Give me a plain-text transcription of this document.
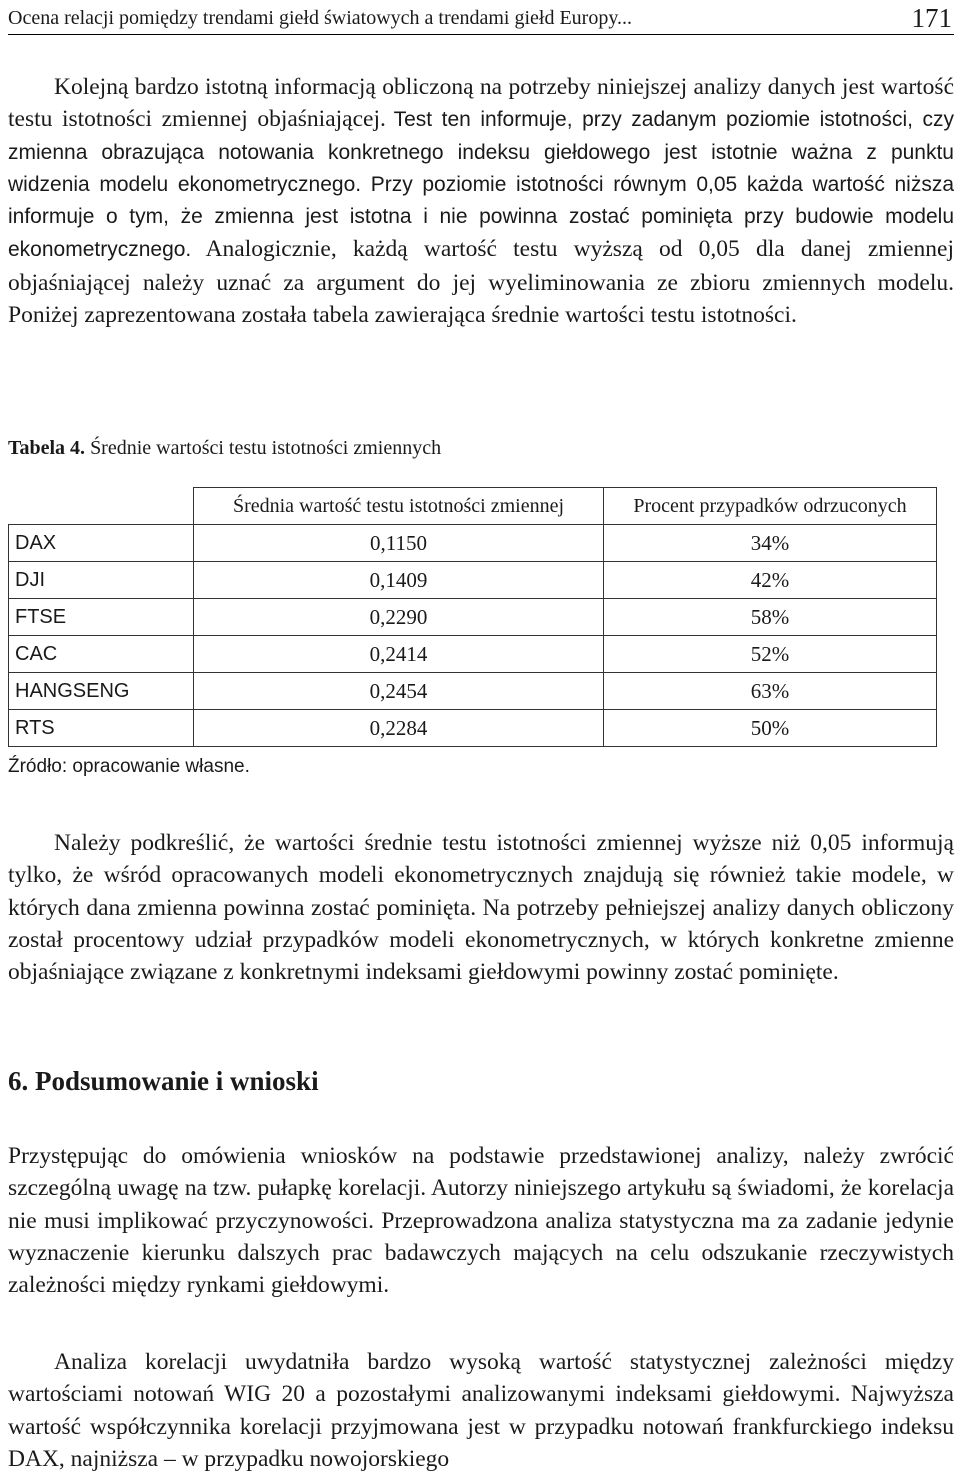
Ocena relacji pomiędzy trendami giełd światowych a trendami giełd Europy...	171

Kolejną bardzo istotną informacją obliczoną na potrzeby niniejszej analizy danych jest wartość testu istotności zmiennej objaśniającej. Test ten informuje, przy zadanym poziomie istotności, czy zmienna obrazująca notowania konkretnego indeksu giełdowego jest istotnie ważna z punktu widzenia modelu ekonometrycznego. Przy poziomie istotności równym 0,05 każda wartość niższa informuje o tym, że zmienna jest istotna i nie powinna zostać pominięta przy budowie modelu ekonometrycznego. Analogicznie, każdą wartość testu wyższą od 0,05 dla danej zmiennej objaśniającej należy uznać za argument do jej wyeliminowania ze zbioru zmiennych modelu. Poniżej zaprezentowana została tabela zawierająca średnie wartości testu istotności.

Tabela 4. Średnie wartości testu istotności zmiennych
	Średnia wartość testu istotności zmiennej	Procent przypadków odrzuconych
DAX	0,1150	34%
DJI	0,1409	42%
FTSE	0,2290	58%
CAC	0,2414	52%
HANGSENG	0,2454	63%
RTS	0,2284	50%
Źródło: opracowanie własne.

Należy podkreślić, że wartości średnie testu istotności zmiennej wyższe niż 0,05 informują tylko, że wśród opracowanych modeli ekonometrycznych znajdują się również takie modele, w których dana zmienna powinna zostać pominięta. Na potrzeby pełniejszej analizy danych obliczony został procentowy udział przypadków modeli ekonometrycznych, w których konkretne zmienne objaśniające związane z konkretnymi indeksami giełdowymi powinny zostać pominięte.

6. Podsumowanie i wnioski

Przystępując do omówienia wniosków na podstawie przedstawionej analizy, należy zwrócić szczególną uwagę na tzw. pułapkę korelacji. Autorzy niniejszego artykułu są świadomi, że korelacja nie musi implikować przyczynowości. Przeprowadzona analiza statystyczna ma za zadanie jedynie wyznaczenie kierunku dalszych prac badawczych mających na celu odszukanie rzeczywistych zależności między rynkami giełdowymi.

Analiza korelacji uwydatniła bardzo wysoką wartość statystycznej zależności między wartościami notowań WIG 20 a pozostałymi analizowanymi indeksami giełdowymi. Najwyższa wartość współczynnika korelacji przyjmowana jest w przypadku notowań frankfurckiego indeksu DAX, najniższa – w przypadku nowojorskiego
